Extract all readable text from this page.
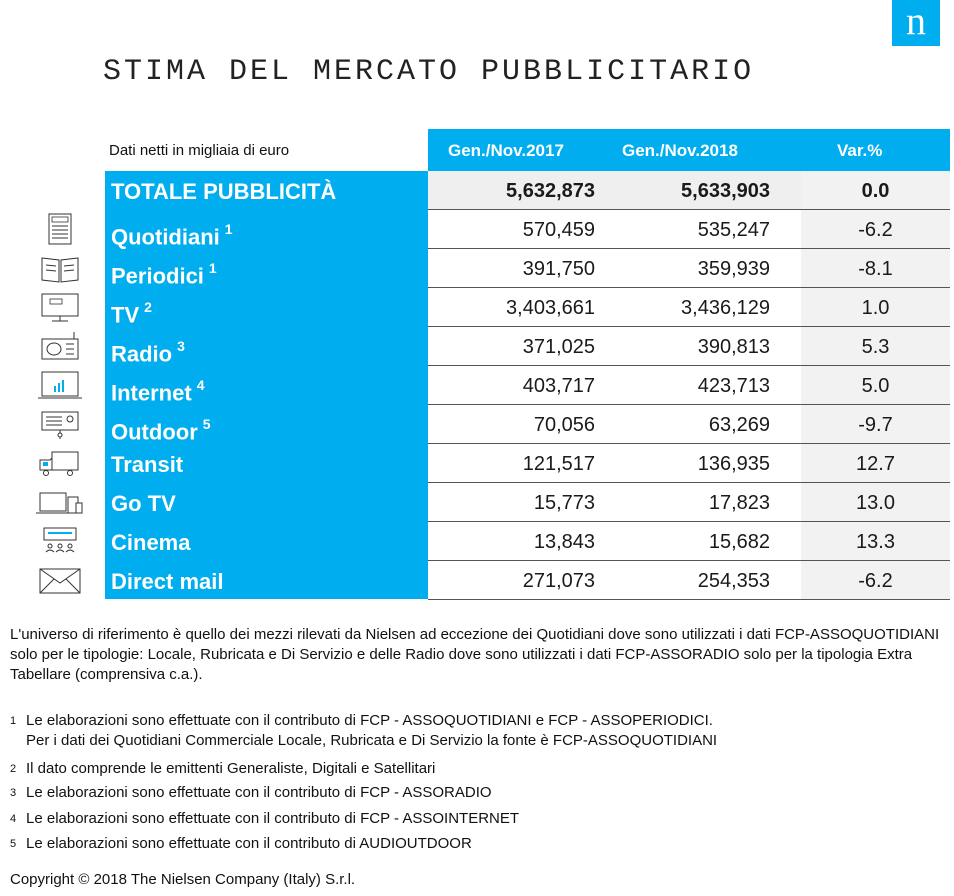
n
STIMA DEL MERCATO PUBBLICITARIO
Dati netti in migliaia di euro	Gen./Nov.2017	Gen./Nov.2018	Var.%
TOTALE PUBBLICITÀ	5,632,873	5,633,903	0.0
Quotidiani $^1$	570,459	535,247	-6.2
Periodici $^1$	391,750	359,939	-8.1
TV $^2$	3,403,661	3,436,129	1.0
Radio $^3$	371,025	390,813	5.3
Internet $^4$	403,717	423,713	5.0
Outdoor $^5$	70,056	63,269	-9.7
Transit	121,517	136,935	12.7
Go TV	15,773	17,823	13.0
Cinema	13,843	15,682	13.3
Direct mail	271,073	254,353	-6.2
L'universo di riferimento è quello dei mezzi rilevati da Nielsen ad eccezione dei Quotidiani dove sono utilizzati i dati FCP-ASSOQUOTIDIANI solo per le tipologie: Locale, Rubricata e Di Servizio e delle Radio dove sono utilizzati i dati FCP-ASSORADIO solo per la tipologia Extra Tabellare (comprensiva c.a.).
1 Le elaborazioni sono effettuate con il contributo di FCP - ASSOQUOTIDIANI e FCP - ASSOPERIODICI.
Per i dati dei Quotidiani Commerciale Locale, Rubricata e Di Servizio la fonte è FCP-ASSOQUOTIDIANI
2 Il dato comprende le emittenti Generaliste, Digitali e Satellitari
3 Le elaborazioni sono effettuate con il contributo di FCP - ASSORADIO
4 Le elaborazioni sono effettuate con il contributo di FCP - ASSOINTERNET
5 Le elaborazioni sono effettuate con il contributo di AUDIOUTDOOR
Copyright © 2018 The Nielsen Company (Italy) S.r.l.
